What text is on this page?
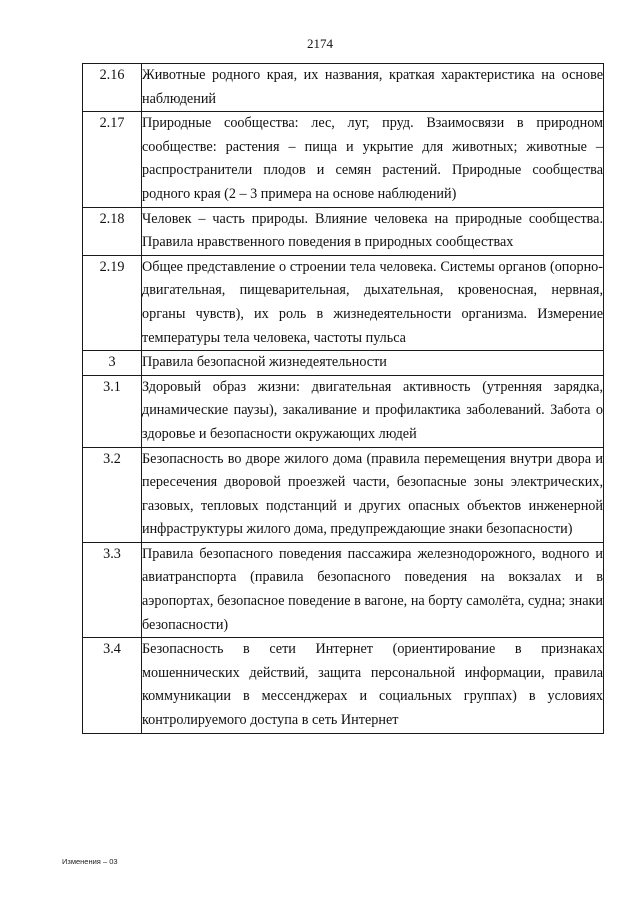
2174
2.16	Животные родного края, их названия, краткая характеристика на основе наблюдений
2.17	Природные сообщества: лес, луг, пруд. Взаимосвязи в природном сообществе: растения – пища и укрытие для животных; животные – распространители плодов и семян растений. Природные сообщества родного края (2 – 3 примера на основе наблюдений)
2.18	Человек – часть природы. Влияние человека на природные сообщества. Правила нравственного поведения в природных сообществах
2.19	Общее представление о строении тела человека. Системы органов (опорно-двигательная, пищеварительная, дыхательная, кровеносная, нервная, органы чувств), их роль в жизнедеятельности организма. Измерение температуры тела человека, частоты пульса
3	Правила безопасной жизнедеятельности
3.1	Здоровый образ жизни: двигательная активность (утренняя зарядка, динамические паузы), закаливание и профилактика заболеваний. Забота о здоровье и безопасности окружающих людей
3.2	Безопасность во дворе жилого дома (правила перемещения внутри двора и пересечения дворовой проезжей части, безопасные зоны электрических, газовых, тепловых подстанций и других опасных объектов инженерной инфраструктуры жилого дома, предупреждающие знаки безопасности)
3.3	Правила безопасного поведения пассажира железнодорожного, водного и авиатранспорта (правила безопасного поведения на вокзалах и в аэропортах, безопасное поведение в вагоне, на борту самолёта, судна; знаки безопасности)
3.4	Безопасность в сети Интернет (ориентирование в признаках мошеннических действий, защита персональной информации, правила коммуникации в мессенджерах и социальных группах) в условиях контролируемого доступа в сеть Интернет
Изменения – 03
